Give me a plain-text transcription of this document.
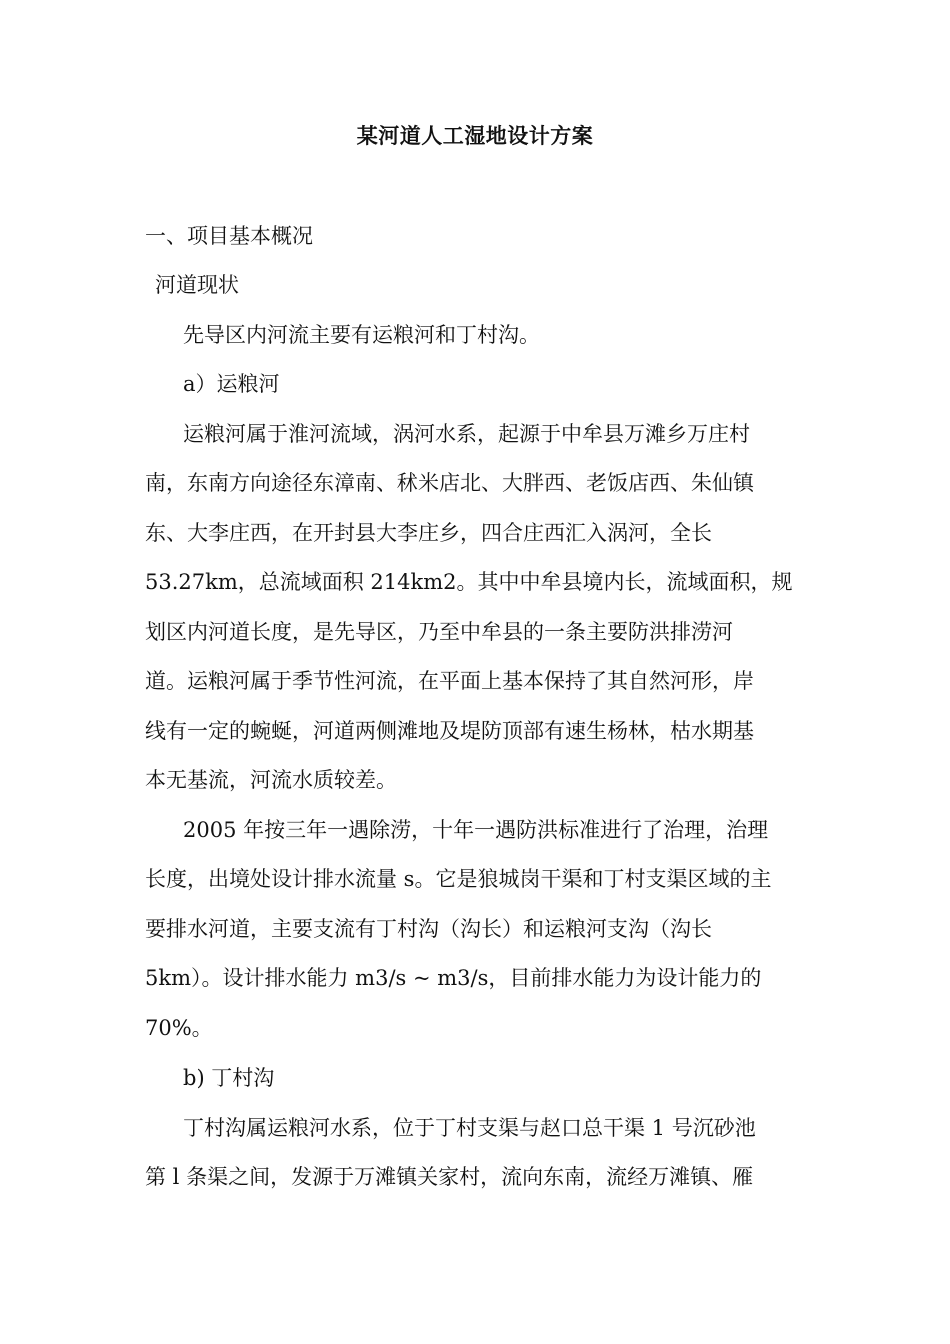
某河道人工湿地设计方案
一、项目基本概况
河道现状
先导区内河流主要有运粮河和丁村沟。
a）运粮河
运粮河属于淮河流域，涡河水系，起源于中牟县万滩乡万庄村
南，东南方向途径东漳南、秫米店北、大胖西、老饭店西、朱仙镇
东、大李庄西，在开封县大李庄乡，四合庄西汇入涡河，全长
53.27km，总流域面积 214km2。其中中牟县境内长，流域面积，规
划区内河道长度，是先导区，乃至中牟县的一条主要防洪排涝河
道。运粮河属于季节性河流，在平面上基本保持了其自然河形，岸
线有一定的蜿蜒，河道两侧滩地及堤防顶部有速生杨林，枯水期基
本无基流，河流水质较差。
2005 年按三年一遇除涝，十年一遇防洪标准进行了治理，治理
长度，出境处设计排水流量 s。它是狼城岗干渠和丁村支渠区域的主
要排水河道，主要支流有丁村沟（沟长）和运粮河支沟（沟长
5km）。设计排水能力 m3/s ~ m3/s，目前排水能力为设计能力的
70%。
b) 丁村沟
丁村沟属运粮河水系，位于丁村支渠与赵口总干渠 1 号沉砂池
第 l 条渠之间，发源于万滩镇关家村，流向东南，流经万滩镇、雁
